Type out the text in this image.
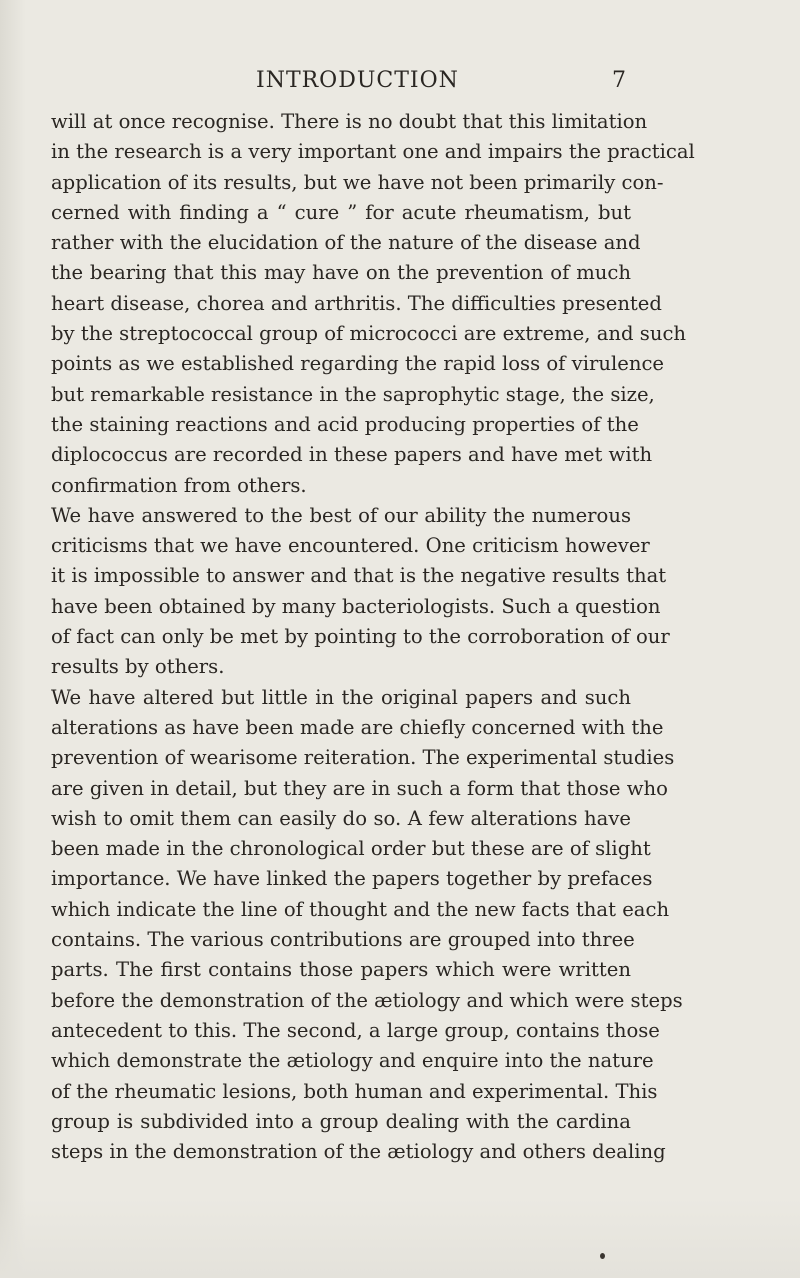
INTRODUCTION	7
will at once recognise. There is no doubt that this limitation
in the research is a very important one and impairs the practical
application of its results, but we have not been primarily con-
cerned with finding a “ cure ” for acute rheumatism, but
rather with the elucidation of the nature of the disease and
the bearing that this may have on the prevention of much
heart disease, chorea and arthritis. The difficulties presented
by the streptococcal group of micrococci are extreme, and such
points as we established regarding the rapid loss of virulence
but remarkable resistance in the saprophytic stage, the size,
the staining reactions and acid producing properties of the
diplococcus are recorded in these papers and have met with
confirmation from others.
We have answered to the best of our ability the numerous
criticisms that we have encountered. One criticism however
it is impossible to answer and that is the negative results that
have been obtained by many bacteriologists. Such a question
of fact can only be met by pointing to the corroboration of our
results by others.
We have altered but little in the original papers and such
alterations as have been made are chiefly concerned with the
prevention of wearisome reiteration. The experimental studies
are given in detail, but they are in such a form that those who
wish to omit them can easily do so. A few alterations have
been made in the chronological order but these are of slight
importance. We have linked the papers together by prefaces
which indicate the line of thought and the new facts that each
contains. The various contributions are grouped into three
parts. The first contains those papers which were written
before the demonstration of the ætiology and which were steps
antecedent to this. The second, a large group, contains those
which demonstrate the ætiology and enquire into the nature
of the rheumatic lesions, both human and experimental. This
group is subdivided into a group dealing with the cardina
steps in the demonstration of the ætiology and others dealing
